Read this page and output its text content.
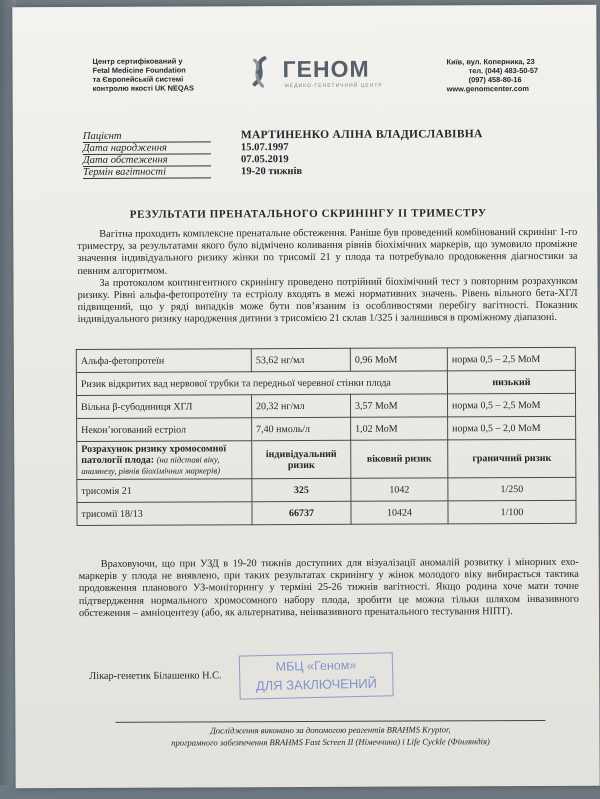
Центр сертифікований у
Fetal Medicine Foundation
та Європейській системі
контролю якості UK NEQAS
ГЕНОМ
МЕДИКО-ГЕНЕТИЧНИЙ ЦЕНТР
Київ, вул. Коперника, 23
тел. (044) 483-50-57
(097) 458-80-16
www.genomcenter.com
Пацієнт	МАРТИНЕНКО АЛІНА ВЛАДИСЛАВІВНА
Дата народження	15.07.1997
Дата обстеження	07.05.2019
Термін вагітності	19-20 тижнів
РЕЗУЛЬТАТИ ПРЕНАТАЛЬНОГО СКРИНІНГУ II ТРИМЕСТРУ

Вагітна проходить комплексне пренатальне обстеження. Раніше був проведений комбінований скринінг 1-го триместру, за результатами якого було відмічено коливання рівнів біохімічних маркерів, що зумовило проміжне значення індивідуального ризику жінки по трисомії 21 у плода та потребувало продовження діагностики за певним алгоритмом.

За протоколом контингентного скринінгу проведено потрійний біохімічний тест з повторним розрахунком ризику. Рівні альфа-фетопротеїну та естріолу входять в межі нормативних значень. Рівень вільного бета-ХГЛ підвищений, що у ряді випадків може бути пов’язаним із особливостями перебігу вагітності. Показник індивідуального ризику народження дитини з трисомією 21 склав 1/325 і залишився в проміжному діапазоні.

Альфа-фетопротеїн	53,62 нг/мл	0,96 МоМ	норма 0,5 – 2,5 МоМ
Ризик відкритих вад нервової трубки та передньої черевної стінки плода			низький
Вільна β-субодиниця ХГЛ	20,32 нг/мл	3,57 МоМ	норма 0,5 – 2,5 МоМ
Некон’югований естріол	7,40 нмоль/л	1,02 МоМ	норма 0,5 – 2,0 МоМ
Розрахунок ризику хромосомної патології плода: (на підставі віку, анамнезу, рівнів біохімічних маркерів)	індивідуальний ризик	віковий ризик	граничний ризик
трисомія 21	325	1042	1/250
трисомії 18/13	66737	10424	1/100

Враховуючи, що при УЗД в 19-20 тижнів доступних для візуалізації аномалій розвитку і мінорних ехо-маркерів у плода не виявлено, при таких результатах скринінгу у жінок молодого віку вибирається тактика продовження планового УЗ-моніторингу у терміні 25-26 тижнів вагітності. Якщо родина хоче мати точне підтвердження нормального хромосомного набору плода, зробити це можна тільки шляхом інвазивного обстеження – амніоцентезу (або, як альтернатива, неінвазивного пренатального тестування НІПТ).

Лікар-генетик Білашенко Н.С.
МБЦ «Геном»
ДЛЯ ЗАКЛЮЧЕНИЙ
Дослідження виконано за допомогою реагентів BRAHMS Kryptor,
програмного забезпечення BRAHMS Fast Screen II (Німеччина) і Life Cyckle (Фінляндія)
